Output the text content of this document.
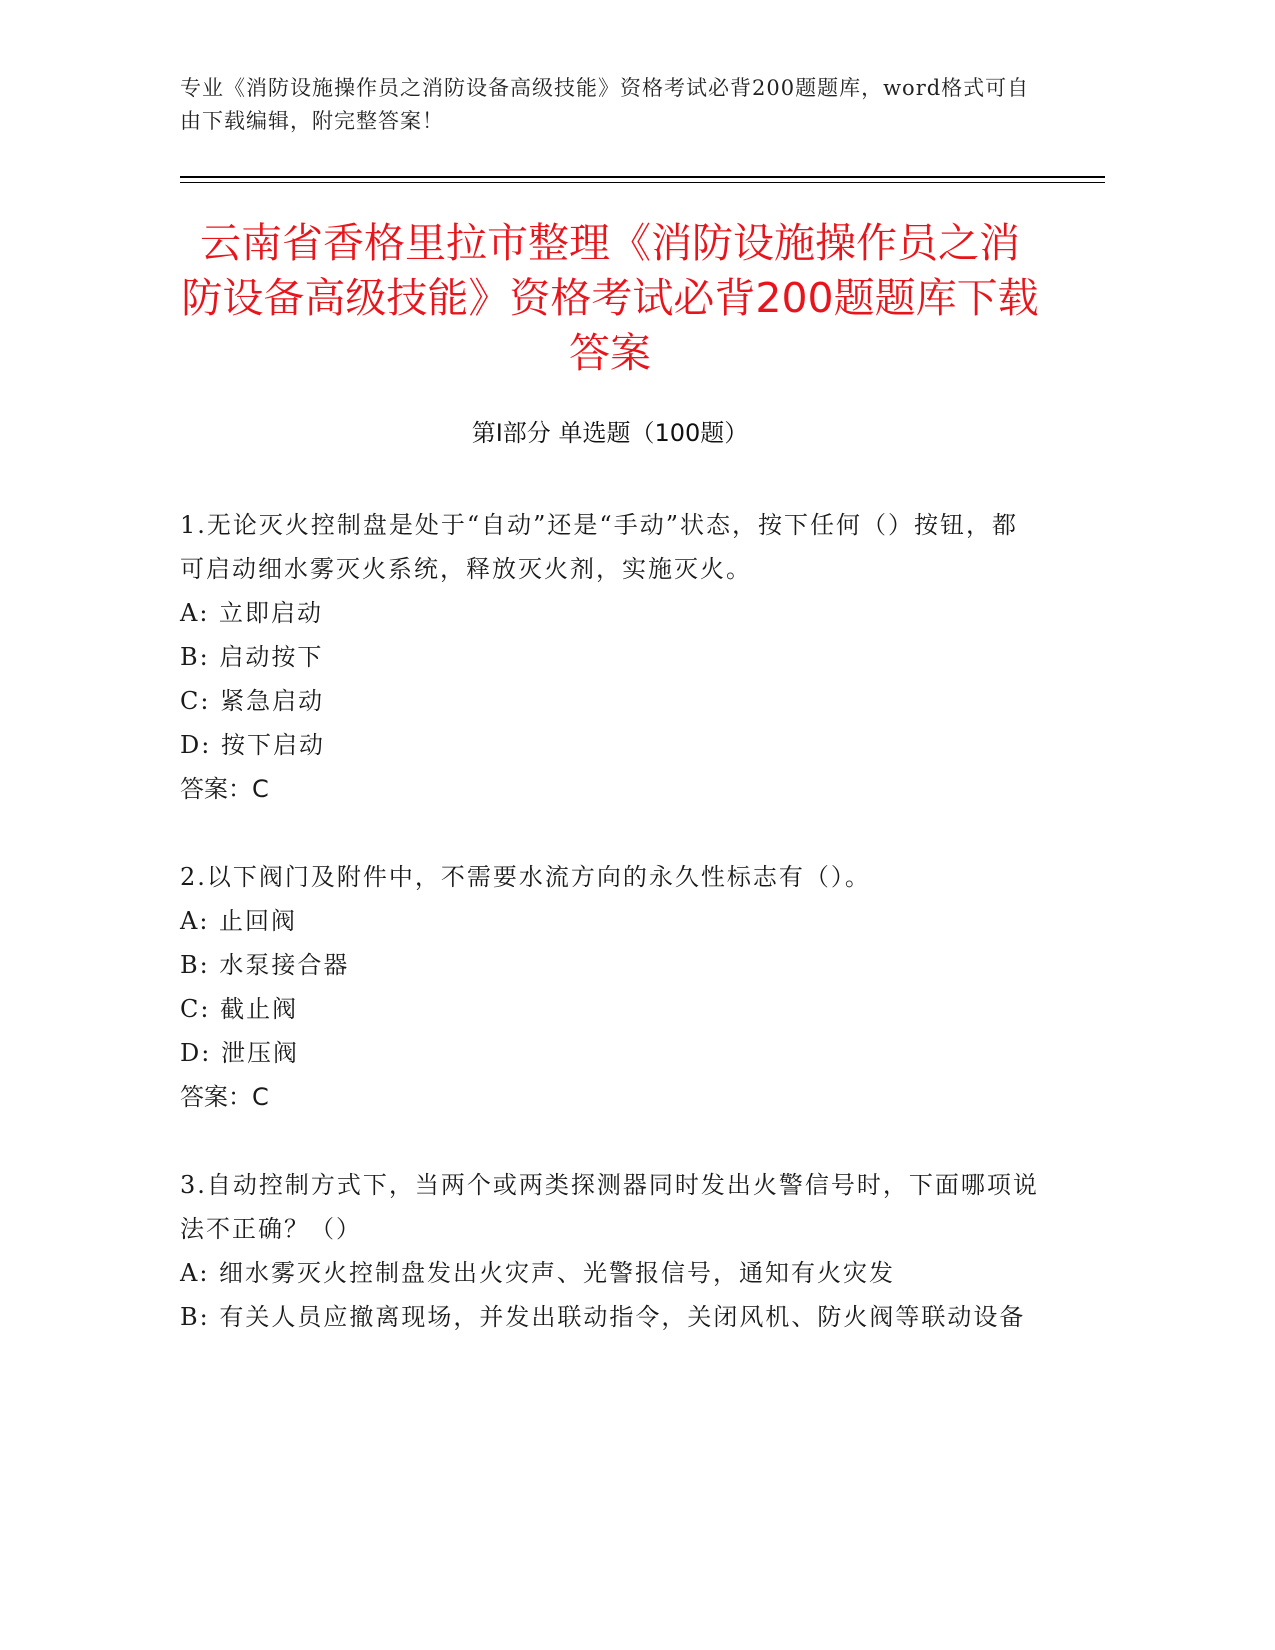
专业《消防设施操作员之消防设备高级技能》资格考试必背200题题库，word格式可自由下载编辑，附完整答案！
云南省香格里拉市整理《消防设施操作员之消防设备高级技能》资格考试必背200题题库下载答案
第Ⅰ部分 单选题（100题）

1.无论灭火控制盘是处于“自动”还是“手动”状态，按下任何（）按钮，都可启动细水雾灭火系统，释放灭火剂，实施灭火。

A: 立即启动

B: 启动按下

C: 紧急启动

D: 按下启动

答案：C

2.以下阀门及附件中，不需要水流方向的永久性标志有（）。

A: 止回阀

B: 水泵接合器

C: 截止阀

D: 泄压阀

答案：C

3.自动控制方式下，当两个或两类探测器同时发出火警信号时，下面哪项说法不正确？（）

A: 细水雾灭火控制盘发出火灾声、光警报信号，通知有火灾发

B: 有关人员应撤离现场，并发出联动指令，关闭风机、防火阀等联动设备
